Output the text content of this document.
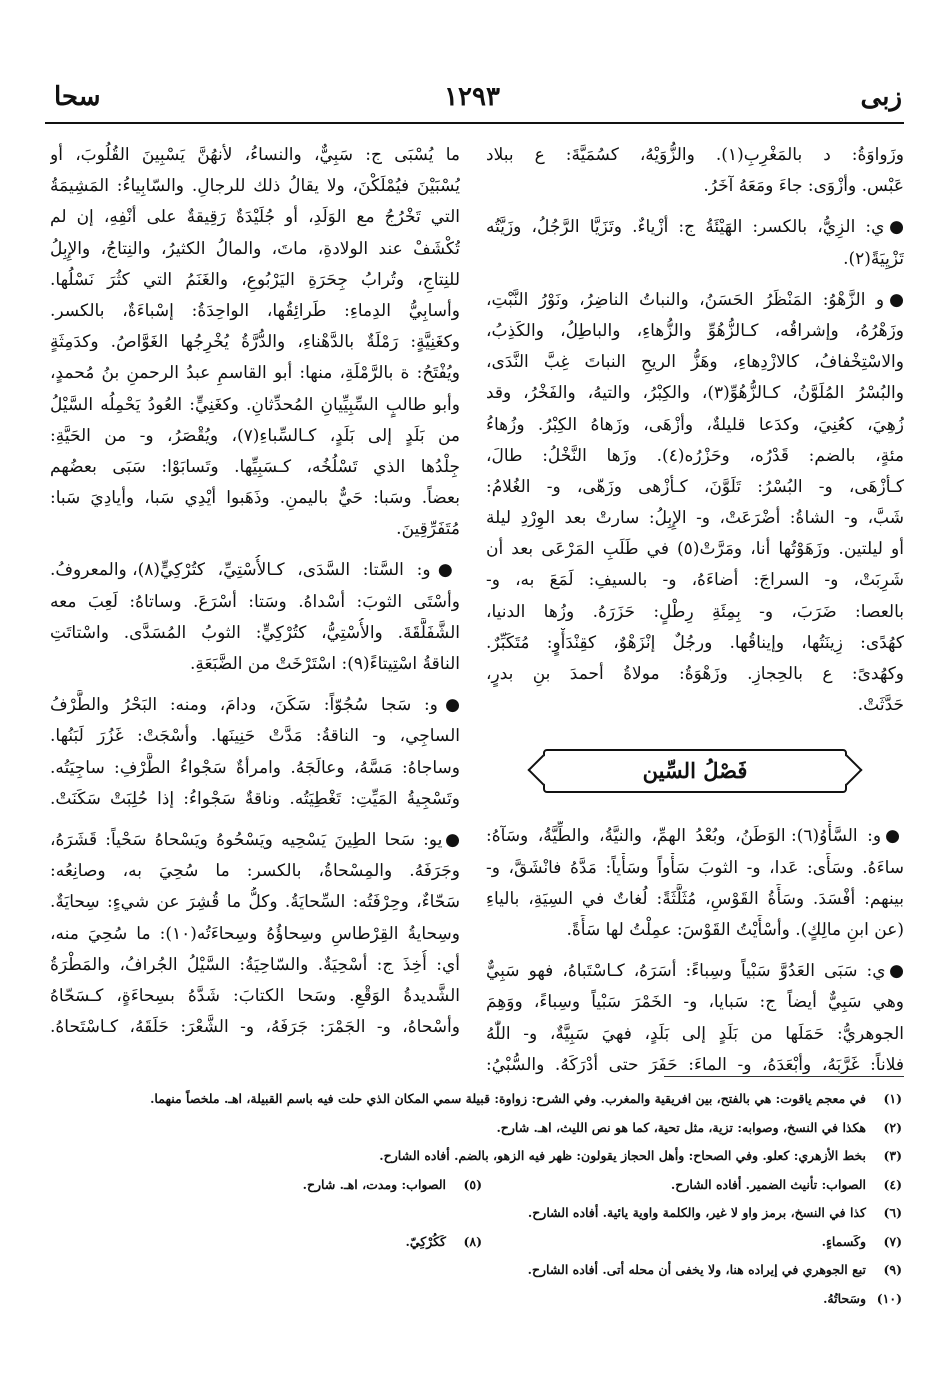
زبى
١٢٩٣
سحا
وزَواوَةُ: د بالمَغْرِبِ(١). والزُّوَيْهُ، كسُمَيَّةَ: ع ببلاد
عَبْس. وأزْوَى: جاءَ ومَعَهُ آخَرُ.
●ي: الزِيُّ، بالكسر: الهَيْئَةُ ج: أزْياءٌ. وتَزَيَّا الرَّجُلُ، وزَيَّتُه
تَزْيِيَةً(٢).
●و الزَّهْوُ: المَنْظَرُ الحَسَنُ، والنباتُ الناضِرُ، ونَوْرُ النَّبْتِ،
وزَهْرُهُ، وإشراقُه، كـالزُّهُوِّ والزُّهاءِ، والباطِلُ، والكَذِبُ،
والاسْتِخْفافُ، كالازْدِهاءِ، وهَزُّ الريحِ النباتَ غِبَّ النَّدَى،
والبُسْرُ المُلَوَّنُ، كـالزُّهُوِّ(٣)، والكِبْرُ، والتيهُ، والفَخْرُ، وقد
زُهِيَ، كعُنِيَ، وكدَعا قليلةٌ، وأزْهَى، وزَهاهُ الكِبْرُ. وزُهاءُ
مئةٍ، بالضم: قَدْرُه، وحَزْرُه(٤). وزَها النَّخْلُ: طالَ،
كـأزْهَى، و- البُسْرُ: تَلَوَّنَ، كـأزْهى وزَهّى، و- الغُلامُ:
شَبَّ، و- الشاةُ: أضْرَعَتْ، و- الإِبِلُ: سارتْ بعد الوِرْدِ ليلة
أو ليلتين. وزَهَوْتُها أنا، ومَرَّتْ(٥) في طَلَبِ المَرْعَى بعد أن
شَرِبَتْ، و- السراجَ: أضاءَهُ، و- بالسيفِ: لَمَعَ به، و-
بالعصا: ضَرَبَ، و- بِمِئَةِ رِطْلٍ: حَزَرَهُ. وزُها الدنيا،
كهُدًى: زِينَتُها، وإيناقُها. ورجُلٌ إنْزَهْوٌ، كقِنْدَأْوٍ: مُتَكَبِّرٌ.
وكهُدىً: ع بالحِجازِ. وزَهْوَةُ: مولاةُ أحمدَ بنِ بدرٍ،
حَدَّثَتْ.
فَصْلُ السِّين
●و: السَّأْوُ(٦): الوَطَنُ، وبُعْدُ الهمِّ، والنيَّةُ، والطِّيَّةُ، وسَآهُ:
ساءَهُ. وسَأَى: عَدا، و- الثوبَ سَأْواً وسَأْياً: مَدَّهُ فانْشَقَّ، و-
بينهم: أفْسَدَ. وسَأَةُ القَوْسِ، مُثَلَّثَةً: لُغاتٌ في السِيَةِ، بالياءِ
(عن ابنِ مالِكٍ). وأسْأَيْتُ القَوْسَ: عمِلْتُ لها سَأَةً.
●ي: سَبَى العَدُوَّ سَبْياً وسِباءً: أسَرَهُ، كـاسْتَباهُ، فهو سَبِيٌّ
وهي سَبِيٌّ أيضاً ج: سَبايا، و- الخَمْرَ سَبْياً وسِباءً، ووَهِمَ
الجوهريُّ: حَمَلَها من بَلَدٍ إلى بَلَدٍ، فهيَ سَبِيَّةٌ، و- اللّٰهُ
فلاناً: غَرَّبَهُ، وأبْعَدَهُ، و- الماءَ: حَفَرَ حتى أدْرَكَهُ. والسُّبْيُ:
ما يُسْبَى ج: سَبِيٌّ، والنساءُ، لأنهُنَّ يَسْبِينَ القُلُوبَ، أو
يُسْبَيْنَ فيُمْلَكْنَ، ولا يقالُ ذلك للرجالِ. والسّابِياءُ: المَشِيمَةُ
التي تَخْرُجُ مع الوَلَدِ، أو جُلَيْدَةٌ رَقِيقةٌ على أنْفِهِ، إن لم
تُكْشَفْ عند الولادةِ، ماتَ، والمالُ الكثيرُ، والنِتاجُ، والإِبِلُ
للنِتاجِ، وتُرابُ جِحَرَةِ اليَرْبُوعِ، والغَنَمُ التي كثُرَ نَسْلُها.
وأسابِيُّ الدِماءِ: طَرائِقُها، الواحِدَةُ: إسْباءَةٌ، بالكسر.
وكغَنِيَّةٍ: رَمْلَةٌ بالدَّهْناءِ، والدُّرَّةُ يُخْرِجُها الغَوَّاصُ. وكدَمِثَةٍ
ويُفْتَحُ: ة بالرَّمْلَةِ، منها: أبو القاسمِ عبدُ الرحمنِ بنُ مُحمدٍ،
وأبو طالبٍ السِّبِيِّيانِ المُحدِّثانِ. وكغَنِيٍّ: العُودُ يَحْمِلُه السَّيْلُ
من بَلَدٍ إلى بَلَدٍ، كـالسِّباءِ(٧)، ويُقْصَرُ، و- من الحَيَّةِ:
جِلْدُها الذي تَسْلُخُه، كـسَبِيِّها. وتَسابَوْا: سَبَى بعضُهم
بعضاً. وسَبا: حَيٌّ باليمنِ. وذَهَبوا أيْدِي سَبا، وأيادِيَ سَبا:
مُتَفَرِّقِينَ.
●و: السَّتا: السَّدَى، كـالأُسْتِيِّ، كتُرْكِيٍّ(٨)، والمعروفُ.
وأسْتَى الثوبَ: أسْداهُ. وسَتا: أسْرَعَ. وساتاهُ: لَعِبَ معه
الشَّفَلَّقَةَ. والأُسْتِيُّ، كتُرْكِيٍّ: الثوبُ المُسَدَّى. واسْتاتَتِ
الناقةُ اسْتِيتاءً(٩): اسْتَرْخَتْ من الضَّبَعَةِ.
●و: سَجا سُجُوّاً: سَكَنَ، ودامَ، ومنه: البَحْرُ والطَّرْفُ
الساجِي، و- الناقةُ: مَدَّتْ حَنِينَها. وأسْجَتْ: غَزُرَ لَبَنُها.
وساجاهُ: مَسَّهُ، وعالَجَهُ. وامرأةٌ سَجْواءُ الطَّرْفِ: ساجِيَتُه.
وتَسْجِيةُ المَيِّتِ: تَغْطِيَتُه. وناقةٌ سَجْواءُ: إذا حُلِبَتْ سَكَنَتْ.
●يو: سَحا الطِينَ يَسْحِيه ويَسْحُوهُ ويَسْحاهُ سَحْياً: قَشَرَهُ،
وجَرَفَهُ. والمِسْحاةُ، بالكسر: ما سُحِيَ به، وصانِعُه:
سَحّاءٌ، وحِرْفَتُه: السِّحايَةُ. وكلُّ ما قُشِرَ عن شيءٍ: سِحايَةٌ.
وسِحايةُ القِرْطاسِ وسِحاؤُهُ وسِحاءَتُه(١٠): ما سُحِيَ منه،
أي: أُخِذَ ج: أسْحِيَةٌ. والسّاحِيَةُ: السَّيْلُ الجُرافُ، والمَطْرَةُ
الشَّديدةُ الوَقْعِ. وسَحا الكتابَ: شَدَّهُ بسِحاءَةٍ، كـسَحّاهُ
وأسْحاهُ، و- الجَمْرَ: جَرَفَهُ، و- الشَّعْرَ: حَلَقَهُ، كـاسْتَحاهُ.
(١)في معجم ياقوت: هي بالفتح، بين افريقية والمغرب. وفي الشرح: زواوة: قبيلة سمي المكان الذي حلت فيه باسم القبيلة، اهـ. ملخصاً منهما.
(٢)هكذا في النسخ، وصوابه: تزية، مثل تحية، كما هو نص الليث، اهـ. شارح.
(٣)بخط الأزهري: كعلو. وفي الصحاح: وأهل الحجاز يقولون: ظهر فيه الزهو، بالضم. أفاده الشارح.
(٤)الصواب: تأنيث الضمير. أفاده الشارح.(٥)الصواب: ومدت، اهـ. شارح.
(٦)كذا في النسخ، برمز واو لا غير، والكلمة واوية يائية. أفاده الشارح.
(٧)وكَسماءٍ.(٨)كَكُرْكِيّ.
(٩)تبع الجوهري في إيراده هنا، ولا يخفى أن محله أتى. أفاده الشارح.
(١٠)وسَحاتُهُ.
